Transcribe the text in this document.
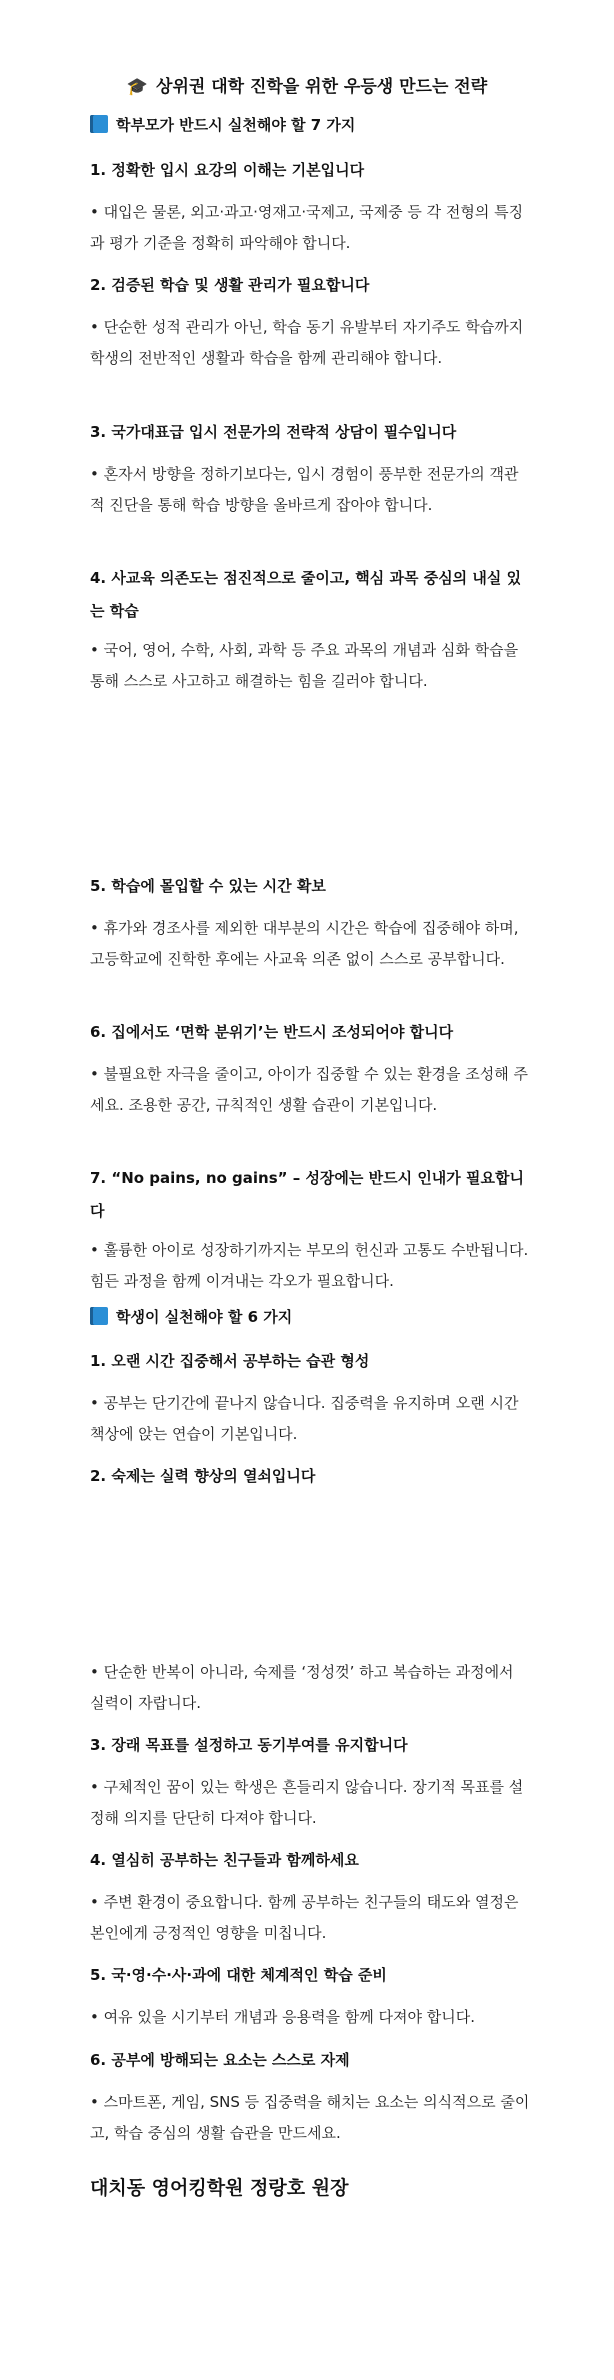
🎓 상위권 대학 진학을 위한 우등생 만드는 전략
학부모가 반드시 실천해야 할 7 가지
1. 정확한 입시 요강의 이해는 기본입니다
• 대입은 물론, 외고·과고·영재고·국제고, 국제중 등 각 전형의 특징과 평가 기준을 정확히 파악해야 합니다.
2. 검증된 학습 및 생활 관리가 필요합니다
• 단순한 성적 관리가 아닌, 학습 동기 유발부터 자기주도 학습까지 학생의 전반적인 생활과 학습을 함께 관리해야 합니다.
3. 국가대표급 입시 전문가의 전략적 상담이 필수입니다
• 혼자서 방향을 정하기보다는, 입시 경험이 풍부한 전문가의 객관적 진단을 통해 학습 방향을 올바르게 잡아야 합니다.
4. 사교육 의존도는 점진적으로 줄이고, 핵심 과목 중심의 내실 있는 학습
• 국어, 영어, 수학, 사회, 과학 등 주요 과목의 개념과 심화 학습을 통해 스스로 사고하고 해결하는 힘을 길러야 합니다.
5. 학습에 몰입할 수 있는 시간 확보
• 휴가와 경조사를 제외한 대부분의 시간은 학습에 집중해야 하며, 고등학교에 진학한 후에는 사교육 의존 없이 스스로 공부합니다.
6. 집에서도 ‘면학 분위기’는 반드시 조성되어야 합니다
• 불필요한 자극을 줄이고, 아이가 집중할 수 있는 환경을 조성해 주세요. 조용한 공간, 규칙적인 생활 습관이 기본입니다.
7. “No pains, no gains” – 성장에는 반드시 인내가 필요합니다
• 훌륭한 아이로 성장하기까지는 부모의 헌신과 고통도 수반됩니다. 힘든 과정을 함께 이겨내는 각오가 필요합니다.
학생이 실천해야 할 6 가지
1. 오랜 시간 집중해서 공부하는 습관 형성
• 공부는 단기간에 끝나지 않습니다. 집중력을 유지하며 오랜 시간 책상에 앉는 연습이 기본입니다.
2. 숙제는 실력 향상의 열쇠입니다
• 단순한 반복이 아니라, 숙제를 ‘정성껏’ 하고 복습하는 과정에서 실력이 자랍니다.
3. 장래 목표를 설정하고 동기부여를 유지합니다
• 구체적인 꿈이 있는 학생은 흔들리지 않습니다. 장기적 목표를 설정해 의지를 단단히 다져야 합니다.
4. 열심히 공부하는 친구들과 함께하세요
• 주변 환경이 중요합니다. 함께 공부하는 친구들의 태도와 열정은 본인에게 긍정적인 영향을 미칩니다.
5. 국·영·수·사·과에 대한 체계적인 학습 준비
• 여유 있을 시기부터 개념과 응용력을 함께 다져야 합니다.
6. 공부에 방해되는 요소는 스스로 자제
• 스마트폰, 게임, SNS 등 집중력을 해치는 요소는 의식적으로 줄이고, 학습 중심의 생활 습관을 만드세요.
대치동 영어킹학원 정랑호 원장
